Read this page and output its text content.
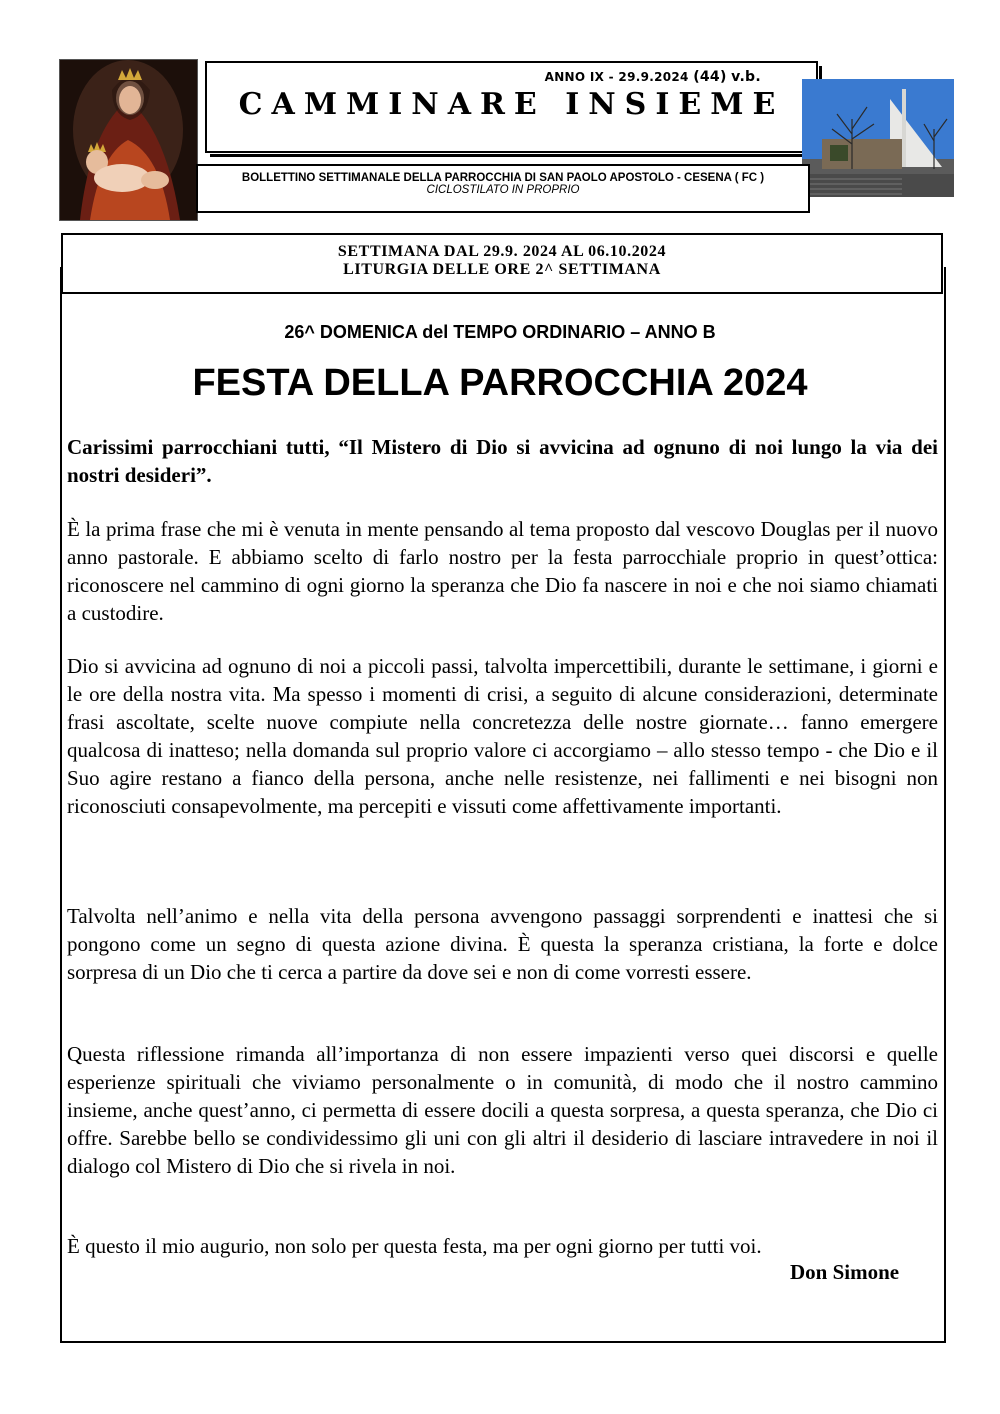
ANNO IX - 29.9.2024 (44) v.b.
CAMMINARE INSIEME
BOLLETTINO SETTIMANALE DELLA PARROCCHIA DI SAN PAOLO APOSTOLO - CESENA ( FC )
CICLOSTILATO IN PROPRIO
SETTIMANA DAL 29.9. 2024 AL 06.10.2024
LITURGIA DELLE ORE 2^ SETTIMANA
26^ DOMENICA del TEMPO ORDINARIO – ANNO B
FESTA DELLA PARROCCHIA 2024
Carissimi parrocchiani tutti, “Il Mistero di Dio si avvicina ad ognuno di noi lungo la via dei nostri desideri”.
È la prima frase che mi è venuta in mente pensando al tema proposto dal vescovo Douglas per il nuovo anno pastorale. E abbiamo scelto di farlo nostro per la festa parrocchiale proprio in quest’ottica: riconoscere nel cammino di ogni giorno la speranza che Dio fa nascere in noi e che noi siamo chiamati a custodire.
Dio si avvicina ad ognuno di noi a piccoli passi, talvolta impercettibili, durante le settimane, i giorni e le ore della nostra vita. Ma spesso i momenti di crisi, a seguito di alcune considerazioni, determinate frasi ascoltate, scelte nuove compiute nella concretezza delle nostre giornate… fanno emergere qualcosa di inatteso; nella domanda sul proprio valore ci accorgiamo – allo stesso tempo - che Dio e il Suo agire restano a fianco della persona, anche nelle resistenze, nei fallimenti e nei bisogni non riconosciuti consapevolmente, ma percepiti e vissuti come affettivamente importanti.
Talvolta nell’animo e nella vita della persona avvengono passaggi sorprendenti e inattesi che si pongono come un segno di questa azione divina. È questa la speranza cristiana, la forte e dolce sorpresa di un Dio che ti cerca a partire da dove sei e non di come vorresti essere.
Questa riflessione rimanda all’importanza di non essere impazienti verso quei discorsi e quelle esperienze spirituali che viviamo personalmente o in comunità, di modo che il nostro cammino insieme, anche quest’anno, ci permetta di essere docili a questa sorpresa, a questa speranza, che Dio ci offre. Sarebbe bello se condividessimo gli uni con gli altri il desiderio di lasciare intravedere in noi il dialogo col Mistero di Dio che si rivela in noi.
È questo il mio augurio, non solo per questa festa, ma per ogni giorno per tutti voi.
Don Simone
